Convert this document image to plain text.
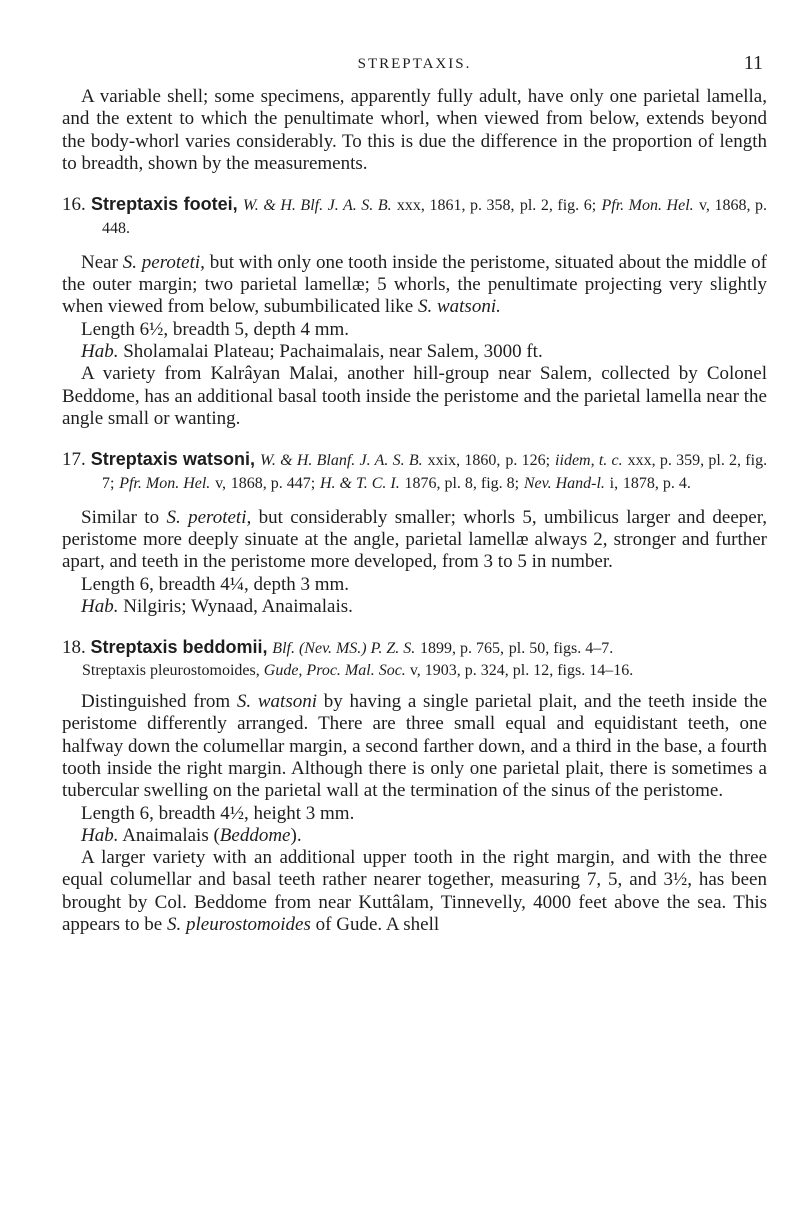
STREPTAXIS.	11

A variable shell; some specimens, apparently fully adult, have only one parietal lamella, and the extent to which the penultimate whorl, when viewed from below, extends beyond the body-whorl varies considerably. To this is due the difference in the proportion of length to breadth, shown by the measurements.

16. Streptaxis footei, W. & H. Blf. J. A. S. B. xxx, 1861, p. 358, pl. 2, fig. 6; Pfr. Mon. Hel. v, 1868, p. 448.

Near S. peroteti, but with only one tooth inside the peristome, situated about the middle of the outer margin; two parietal lamellæ; 5 whorls, the penultimate projecting very slightly when viewed from below, subumbilicated like S. watsoni.

Length 6½, breadth 5, depth 4 mm.

Hab. Sholamalai Plateau; Pachaimalais, near Salem, 3000 ft.

A variety from Kalrâyan Malai, another hill-group near Salem, collected by Colonel Beddome, has an additional basal tooth inside the peristome and the parietal lamella near the angle small or wanting.

17. Streptaxis watsoni, W. & H. Blanf. J. A. S. B. xxix, 1860, p. 126; iidem, t. c. xxx, p. 359, pl. 2, fig. 7; Pfr. Mon. Hel. v, 1868, p. 447; H. & T. C. I. 1876, pl. 8, fig. 8; Nev. Hand-l. i, 1878, p. 4.

Similar to S. peroteti, but considerably smaller; whorls 5, umbilicus larger and deeper, peristome more deeply sinuate at the angle, parietal lamellæ always 2, stronger and further apart, and teeth in the peristome more developed, from 3 to 5 in number.

Length 6, breadth 4¼, depth 3 mm.

Hab. Nilgiris; Wynaad, Anaimalais.

18. Streptaxis beddomii, Blf. (Nev. MS.) P. Z. S. 1899, p. 765, pl. 50, figs. 4–7.

Streptaxis pleurostomoides, Gude, Proc. Mal. Soc. v, 1903, p. 324, pl. 12, figs. 14–16.

Distinguished from S. watsoni by having a single parietal plait, and the teeth inside the peristome differently arranged. There are three small equal and equidistant teeth, one halfway down the columellar margin, a second farther down, and a third in the base, a fourth tooth inside the right margin. Although there is only one parietal plait, there is sometimes a tubercular swelling on the parietal wall at the termination of the sinus of the peristome.

Length 6, breadth 4½, height 3 mm.

Hab. Anaimalais (Beddome).

A larger variety with an additional upper tooth in the right margin, and with the three equal columellar and basal teeth rather nearer together, measuring 7, 5, and 3½, has been brought by Col. Beddome from near Kuttâlam, Tinnevelly, 4000 feet above the sea. This appears to be S. pleurostomoides of Gude. A shell
